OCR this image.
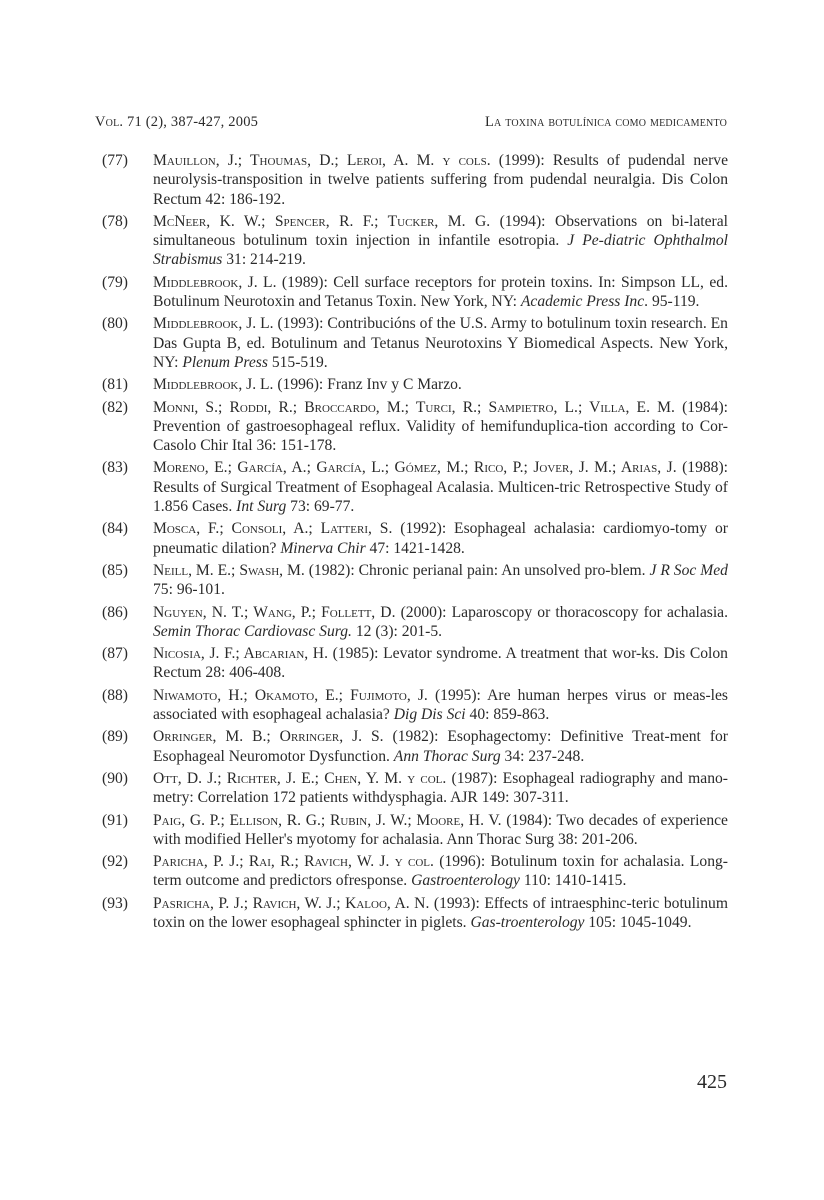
Vol. 71 (2), 387-427, 2005	La toxina botulínica como medicamento
(77)	Mauillon, J.; Thoumas, D.; Leroi, A. M. y cols. (1999): Results of pudendal nerve neurolysis-transposition in twelve patients suffering from pudendal neuralgia. Dis Colon Rectum 42: 186-192.
(78)	McNeer, K. W.; Spencer, R. F.; Tucker, M. G. (1994): Observations on bi-lateral simultaneous botulinum toxin injection in infantile esotropia. J Pe-diatric Ophthalmol Strabismus 31: 214-219.
(79)	Middlebrook, J. L. (1989): Cell surface receptors for protein toxins. In: Simpson LL, ed. Botulinum Neurotoxin and Tetanus Toxin. New York, NY: Academic Press Inc. 95-119.
(80)	Middlebrook, J. L. (1993): Contribucións of the U.S. Army to botulinum toxin research. En Das Gupta B, ed. Botulinum and Tetanus Neurotoxins Y Biomedical Aspects. New York, NY: Plenum Press 515-519.
(81)	Middlebrook, J. L. (1996): Franz Inv y C Marzo.
(82)	Monni, S.; Roddi, R.; Broccardo, M.; Turci, R.; Sampietro, L.; Villa, E. M. (1984): Prevention of gastroesophageal reflux. Validity of hemifunduplica-tion according to Cor-Casolo Chir Ital 36: 151-178.
(83)	Moreno, E.; García, A.; García, L.; Gómez, M.; Rico, P.; Jover, J. M.; Arias, J. (1988): Results of Surgical Treatment of Esophageal Acalasia. Multicen-tric Retrospective Study of 1.856 Cases. Int Surg 73: 69-77.
(84)	Mosca, F.; Consoli, A.; Latteri, S. (1992): Esophageal achalasia: cardiomyo-tomy or pneumatic dilation? Minerva Chir 47: 1421-1428.
(85)	Neill, M. E.; Swash, M. (1982): Chronic perianal pain: An unsolved pro-blem. J R Soc Med 75: 96-101.
(86)	Nguyen, N. T.; Wang, P.; Follett, D. (2000): Laparoscopy or thoracoscopy for achalasia. Semin Thorac Cardiovasc Surg. 12 (3): 201-5.
(87)	Nicosia, J. F.; Abcarian, H. (1985): Levator syndrome. A treatment that wor-ks. Dis Colon Rectum 28: 406-408.
(88)	Niwamoto, H.; Okamoto, E.; Fujimoto, J. (1995): Are human herpes virus or meas-les associated with esophageal achalasia? Dig Dis Sci 40: 859-863.
(89)	Orringer, M. B.; Orringer, J. S. (1982): Esophagectomy: Definitive Treat-ment for Esophageal Neuromotor Dysfunction. Ann Thorac Surg 34: 237-248.
(90)	Ott, D. J.; Richter, J. E.; Chen, Y. M. y col. (1987): Esophageal radiography and mano-metry: Correlation 172 patients withdysphagia. AJR 149: 307-311.
(91)	Paig, G. P.; Ellison, R. G.; Rubin, J. W.; Moore, H. V. (1984): Two decades of experience with modified Heller's myotomy for achalasia. Ann Thorac Surg 38: 201-206.
(92)	Paricha, P. J.; Rai, R.; Ravich, W. J. y col. (1996): Botulinum toxin for achalasia. Long-term outcome and predictors ofresponse. Gastroenterology 110: 1410-1415.
(93)	Pasricha, P. J.; Ravich, W. J.; Kaloo, A. N. (1993): Effects of intraesphinc-teric botulinum toxin on the lower esophageal sphincter in piglets. Gas-troenterology 105: 1045-1049.
425
